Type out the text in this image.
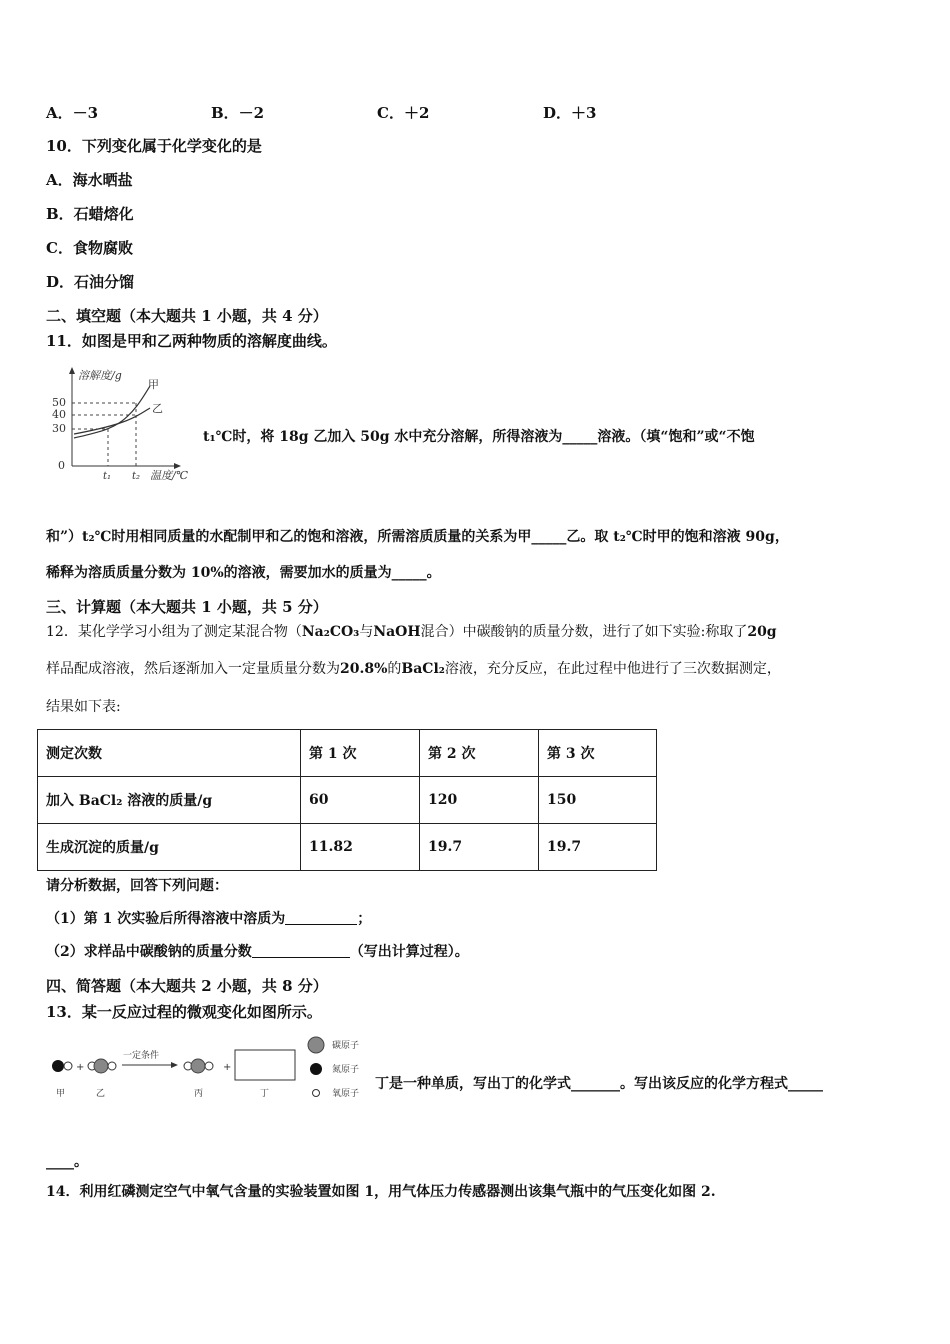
A．－3	B．－2	C．＋2	D．＋3
10．下列变化属于化学变化的是
A．海水晒盐
B．石蜡熔化
C．食物腐败
D．石油分馏
二、填空题（本大题共 1 小题，共 4 分）
11．如图是甲和乙两种物质的溶解度曲线。
溶解度/g
温度/℃
50
40
30
0
t₁ t₂
甲
乙
t₁℃时，将 18g 乙加入 50g 水中充分溶解，所得溶液为_____溶液。（填“饱和”或“不饱
和”）t₂℃时用相同质量的水配制甲和乙的饱和溶液，所需溶质质量的关系为甲_____乙。取 t₂℃时甲的饱和溶液 90g，
稀释为溶质质量分数为 10%的溶液，需要加水的质量为_____。
三、计算题（本大题共 1 小题，共 5 分）
12．某化学学习小组为了测定某混合物（Na₂CO₃与NaOH混合）中碳酸钠的质量分数，进行了如下实验:称取了20g
样品配成溶液，然后逐渐加入一定量质量分数为20.8%的BaCl₂溶液，充分反应，在此过程中他进行了三次数据测定，
结果如下表:
测定次数	第 1 次	第 2 次	第 3 次
加入 BaCl₂ 溶液的质量/g	60	120	150
生成沉淀的质量/g	11.82	19.7	19.7
请分析数据，回答下列问题：
（1）第 1 次实验后所得溶液中溶质为	；
（2）求样品中碳酸钠的质量分数	（写出计算过程）。
四、简答题（本大题共 2 小题，共 8 分）
13．某一反应过程的微观变化如图所示。
+
一定条件
+
甲	乙	丙	丁
碳原子
氮原子
氧原子
丁是一种单质，写出丁的化学式_______。写出该反应的化学方程式_____
____。
14．利用红磷测定空气中氧气含量的实验装置如图 1，用气体压力传感器测出该集气瓶中的气压变化如图 2.
